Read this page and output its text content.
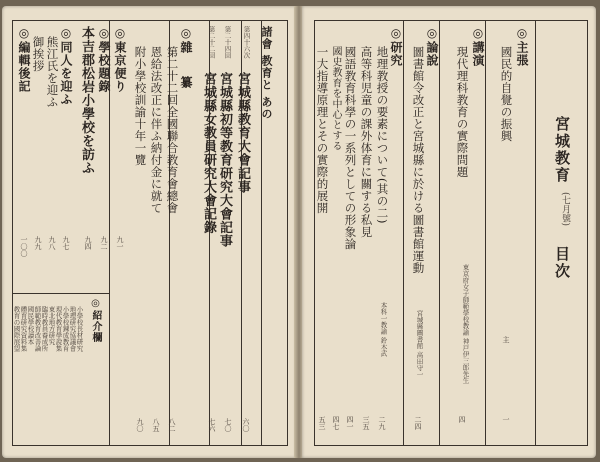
諸會 教育と あの
宮城縣教育大會記事
第四十六次
六〇
宮城縣初等教育研究大會記事
第二十四回
七〇
宮城縣女教員研究大會記錄
第二十二回
七六
◎雜
纂
第二十二回全國聯合教育會總會
八二
恩給法改正に伴ふ納付金に就て
八五
附小學校訓諭十年一覽
九〇
◎東京便り
九一
◎學校題錄
九二
本吉郡松岩小學校を訪ふ
九四
◎同人を迎ふ
九七
熊江氏を迎ふ
九八
御挨拶
九九
◎編輯後記
一〇〇
◎紹介欄
小學校長材研究
地理研究協議會
小學校鍊成教育
現代教育學說集
東北地方研究
臨時教員養成所
師範教育改善論
國民學校讀本
體育研究資料集
教育の國際展望
宮城教育
(七月號)
目次
◎主張
國民的自覺の振興
主
一
◎講演
現代理科教育の實際問題
東京府女子師範學校教諭 神戸伊三郎先生
四
◎論說
圖書館令改正と宮城縣に於ける圖書館運動
宮城縣圖書館 高田守一
二四
◎研究
地理教授の要素について(其の二)
本科一教諭 鈴木武
二九
高等科児童の課外体育に關する私見
三五
國語教育科學の一系列としての形象論
四一
國史教育を中心とする
一大指導原理とその實際的展開
四七
五三
